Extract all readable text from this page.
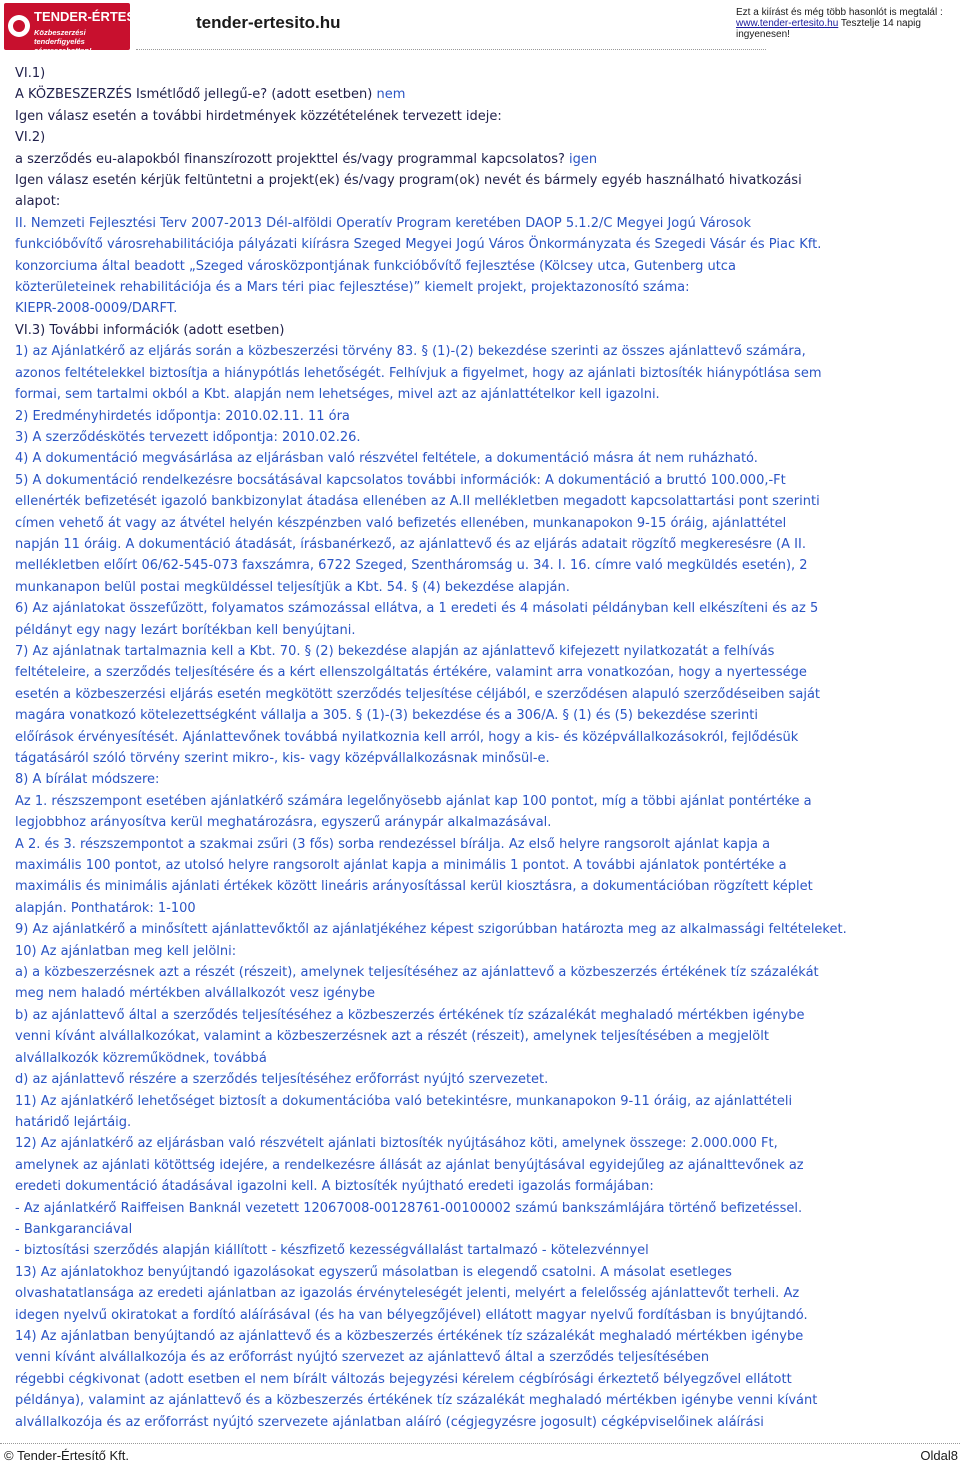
TENDER-ÉRTESÍTŐ.hu
Közbeszerzési tenderfigyelés cégreszabottan!
tender-ertesito.hu
Ezt a kiírást és még több hasonlót is megtalál :
www.tender-ertesito.hu Tesztelje 14 napig ingyenesen!

VI.1)

A KÖZBESZERZÉS Ismétlődő jellegű-e? (adott esetben) nem

Igen válasz esetén a további hirdetmények közzétételének tervezett ideje:

VI.2)

a szerződés eu-alapokból finanszírozott projekttel és/vagy programmal kapcsolatos? igen

Igen válasz esetén kérjük feltüntetni a projekt(ek) és/vagy program(ok) nevét és bármely egyéb használható hivatkozási
alapot:

II. Nemzeti Fejlesztési Terv 2007-2013 Dél-alföldi Operatív Program keretében DAOP 5.1.2/C Megyei Jogú Városok
funkcióbővítő városrehabilitációja pályázati kiírásra Szeged Megyei Jogú Város Önkormányzata és Szegedi Vásár és Piac Kft.
konzorciuma által beadott „Szeged városközpontjának funkcióbővítő fejlesztése (Kölcsey utca, Gutenberg utca
közterületeinek rehabilitációja és a Mars téri piac fejlesztése)” kiemelt projekt, projektazonosító száma:
KIEPR-2008-0009/DARFT.

VI.3) További információk (adott esetben)

1) az Ajánlatkérő az eljárás során a közbeszerzési törvény 83. § (1)-(2) bekezdése szerinti az összes ajánlattevő számára,
azonos feltételekkel biztosítja a hiánypótlás lehetőségét. Felhívjuk a figyelmet, hogy az ajánlati biztosíték hiánypótlása sem
formai, sem tartalmi okból a Kbt. alapján nem lehetséges, mivel azt az ajánlattételkor kell igazolni.

2) Eredményhirdetés időpontja: 2010.02.11. 11 óra

3) A szerződéskötés tervezett időpontja: 2010.02.26.

4) A dokumentáció megvásárlása az eljárásban való részvétel feltétele, a dokumentáció másra át nem ruházható.

5) A dokumentáció rendelkezésre bocsátásával kapcsolatos további információk: A dokumentáció a bruttó 100.000,-Ft
ellenérték befizetését igazoló bankbizonylat átadása ellenében az A.II mellékletben megadott kapcsolattartási pont szerinti
címen vehető át vagy az átvétel helyén készpénzben való befizetés ellenében, munkanapokon 9-15 óráig, ajánlattétel
napján 11 óráig. A dokumentáció átadását, írásbanérkező, az ajánlattevő és az eljárás adatait rögzítő megkeresésre (A II.
mellékletben előírt 06/62-545-073 faxszámra, 6722 Szeged, Szentháromság u. 34. I. 16. címre való megküldés esetén), 2
munkanapon belül postai megküldéssel teljesítjük a Kbt. 54. § (4) bekezdése alapján.

6) Az ajánlatokat összefűzött, folyamatos számozással ellátva, a 1 eredeti és 4 másolati példányban kell elkészíteni és az 5
példányt egy nagy lezárt borítékban kell benyújtani.

7) Az ajánlatnak tartalmaznia kell a Kbt. 70. § (2) bekezdése alapján az ajánlattevő kifejezett nyilatkozatát a felhívás
feltételeire, a szerződés teljesítésére és a kért ellenszolgáltatás értékére, valamint arra vonatkozóan, hogy a nyertessége
esetén a közbeszerzési eljárás esetén megkötött szerződés teljesítése céljából, e szerződésen alapuló szerződéseiben saját
magára vonatkozó kötelezettségként vállalja a 305. § (1)-(3) bekezdése és a 306/A. § (1) és (5) bekezdése szerinti
előírások érvényesítését. Ajánlattevőnek továbbá nyilatkoznia kell arról, hogy a kis- és középvállalkozásokról, fejlődésük
tágatásáról szóló törvény szerint mikro-, kis- vagy középvállalkozásnak minősül-e.

8) A bírálat módszere:

Az 1. részszempont esetében ajánlatkérő számára legelőnyösebb ajánlat kap 100 pontot, míg a többi ajánlat pontértéke a
legjobbhoz arányosítva kerül meghatározásra, egyszerű aránypár alkalmazásával.

A 2. és 3. részszempontot a szakmai zsűri (3 fős) sorba rendezéssel bírálja. Az első helyre rangsorolt ajánlat kapja a
maximális 100 pontot, az utolsó helyre rangsorolt ajánlat kapja a minimális 1 pontot. A további ajánlatok pontértéke a
maximális és minimális ajánlati értékek között lineáris arányosítással kerül kiosztásra, a dokumentációban rögzített képlet
alapján. Ponthatárok: 1-100

9) Az ajánlatkérő a minősített ajánlattevőktől az ajánlatjékéhez képest szigorúbban határozta meg az alkalmassági feltételeket.

10) Az ajánlatban meg kell jelölni:

a) a közbeszerzésnek azt a részét (részeit), amelynek teljesítéséhez az ajánlattevő a közbeszerzés értékének tíz százalékát
meg nem haladó mértékben alvállalkozót vesz igénybe

b) az ajánlattevő által a szerződés teljesítéséhez a közbeszerzés értékének tíz százalékát meghaladó mértékben igénybe
venni kívánt alvállalkozókat, valamint a közbeszerzésnek azt a részét (részeit), amelynek teljesítésében a megjelölt
alvállalkozók közreműködnek, továbbá

d) az ajánlattevő részére a szerződés teljesítéséhez erőforrást nyújtó szervezetet.

11) Az ajánlatkérő lehetőséget biztosít a dokumentációba való betekintésre, munkanapokon 9-11 óráig, az ajánlattételi
határidő lejártáig.

12) Az ajánlatkérő az eljárásban való részvételt ajánlati biztosíték nyújtásához köti, amelynek összege: 2.000.000 Ft,
amelynek az ajánlati kötöttség idejére, a rendelkezésre állását az ajánlat benyújtásával egyidejűleg az ajánalttevőnek az
eredeti dokumentáció átadásával igazolni kell. A biztosíték nyújtható eredeti igazolás formájában:

- Az ajánlatkérő Raiffeisen Banknál vezetett 12067008-00128761-00100002 számú bankszámlájára történő befizetéssel.

- Bankgaranciával

- biztosítási szerződés alapján kiállított - készfizető kezességvállalást tartalmazó - kötelezvénnyel

13) Az ajánlatokhoz benyújtandó igazolásokat egyszerű másolatban is elegendő csatolni. A másolat esetleges
olvashatatlansága az eredeti ajánlatban az igazolás érvényteleségét jelenti, melyért a felelősség ajánlattevőt terheli. Az
idegen nyelvű okiratokat a fordító aláírásával (és ha van bélyegzőjével) ellátott magyar nyelvű fordításban is bnyújtandó.

14) Az ajánlatban benyújtandó az ajánlattevő és a közbeszerzés értékének tíz százalékát meghaladó mértékben igénybe
venni kívánt alvállalkozója és az erőforrást nyújtó szervezet az ajánlattevő által a szerződés teljesítésében
régebbi cégkivonat (adott esetben el nem bírált változás bejegyzési kérelem cégbírósági érkeztető bélyegzővel ellátott
példánya), valamint az ajánlattevő és a közbeszerzés értékének tíz százalékát meghaladó mértékben igénybe venni kívánt
alvállalkozója és az erőforrást nyújtó szervezete ajánlatban aláíró (cégjegyzésre jogosult) cégképviselőinek aláírási

© Tender-Értesítő Kft.	Oldal8
